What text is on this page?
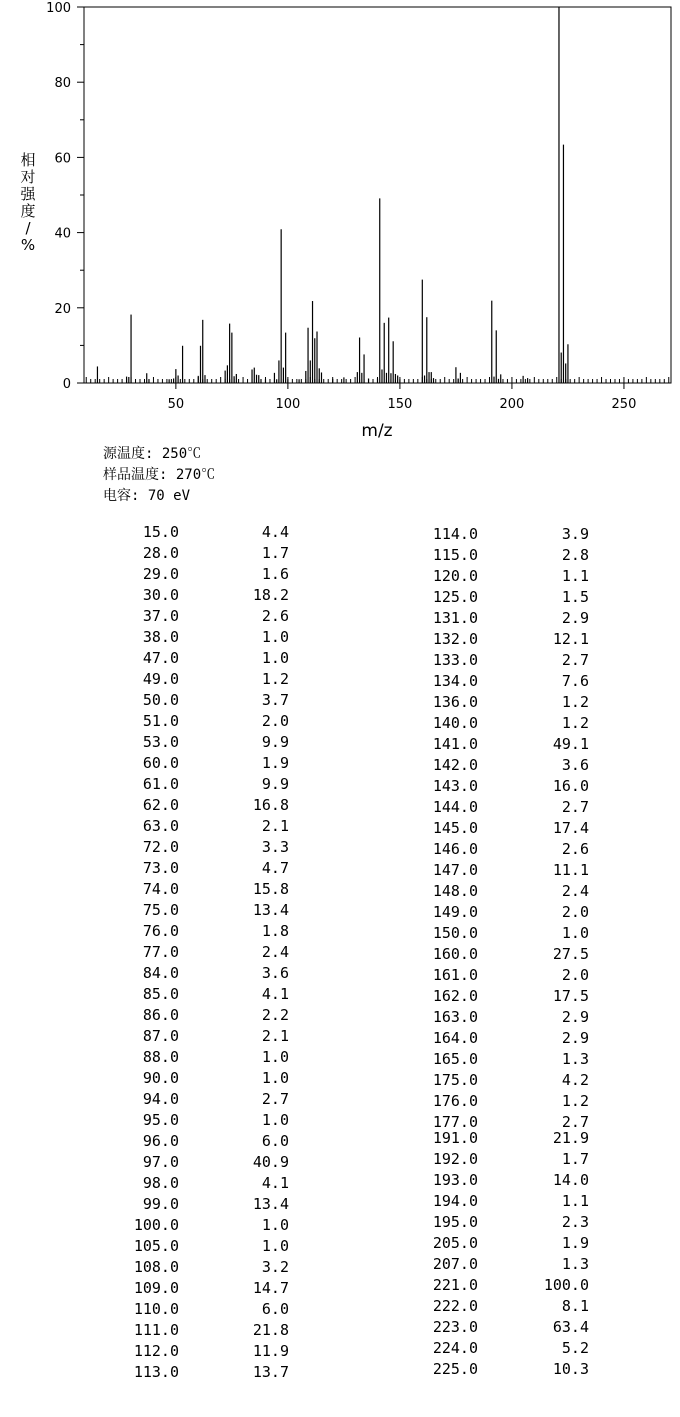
50	100	150	200	250
0
20
40
60
80
100
m/z
相
对
强
度
/
%
源温度: 250℃
样品温度: 270℃
电容: 70 eV
15.0	4.4
28.0	1.7
29.0	1.6
30.0	18.2
37.0	2.6
38.0	1.0
47.0	1.0
49.0	1.2
50.0	3.7
51.0	2.0
53.0	9.9
60.0	1.9
61.0	9.9
62.0	16.8
63.0	2.1
72.0	3.3
73.0	4.7
74.0	15.8
75.0	13.4
76.0	1.8
77.0	2.4
84.0	3.6
85.0	4.1
86.0	2.2
87.0	2.1
88.0	1.0
90.0	1.0
94.0	2.7
95.0	1.0
96.0	6.0
97.0	40.9
98.0	4.1
99.0	13.4
100.0	1.0
105.0	1.0
108.0	3.2
109.0	14.7
110.0	6.0
111.0	21.8
112.0	11.9
113.0	13.7
114.0	3.9
115.0	2.8
120.0	1.1
125.0	1.5
131.0	2.9
132.0	12.1
133.0	2.7
134.0	7.6
136.0	1.2
140.0	1.2
141.0	49.1
142.0	3.6
143.0	16.0
144.0	2.7
145.0	17.4
146.0	2.6
147.0	11.1
148.0	2.4
149.0	2.0
150.0	1.0
160.0	27.5
161.0	2.0
162.0	17.5
163.0	2.9
164.0	2.9
165.0	1.3
175.0	4.2
176.0	1.2
177.0	2.7
191.0	21.9
192.0	1.7
193.0	14.0
194.0	1.1
195.0	2.3
205.0	1.9
207.0	1.3
221.0	100.0
222.0	8.1
223.0	63.4
224.0	5.2
225.0	10.3
